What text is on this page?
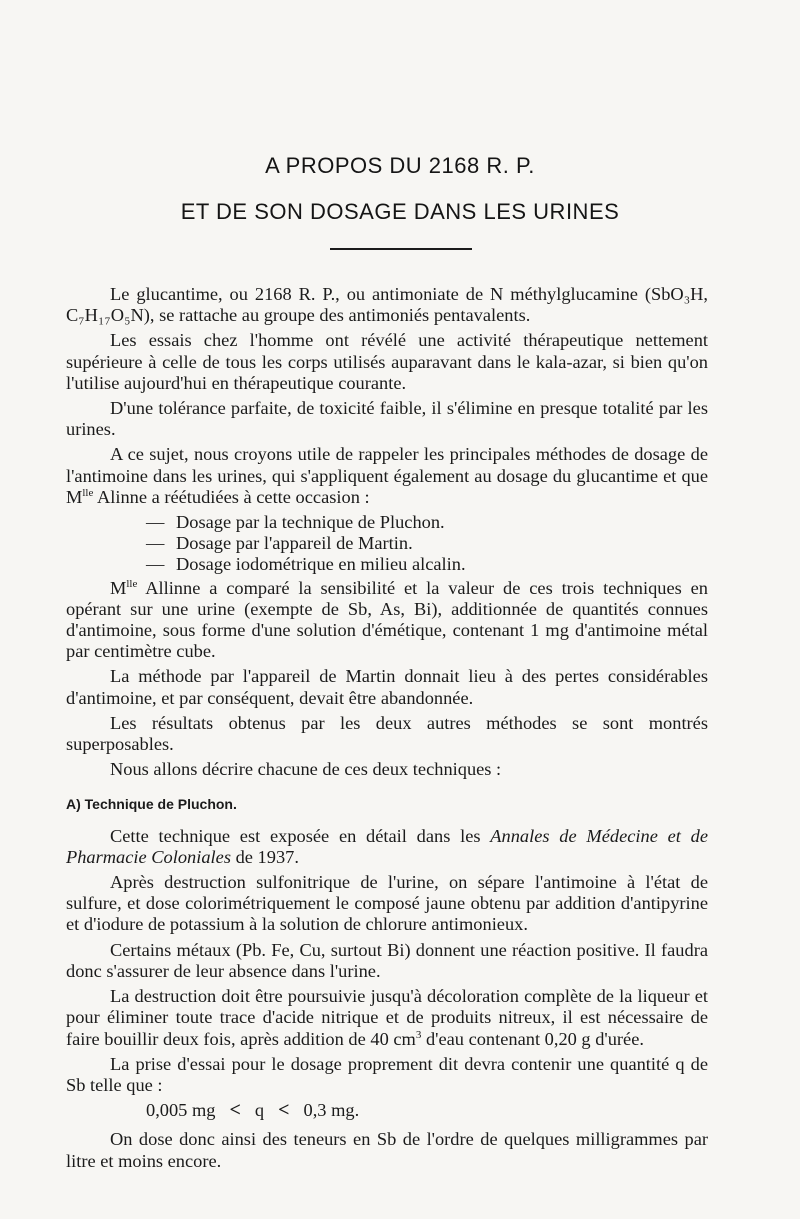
A PROPOS DU 2168 R. P.
ET DE SON DOSAGE DANS LES URINES

Le glucantime, ou 2168 R. P., ou antimoniate de N méthylglucamine (SbO₃H, C₇H₁₇O₅N), se rattache au groupe des antimoniés pentavalents.

Les essais chez l'homme ont révélé une activité thérapeutique nettement supérieure à celle de tous les corps utilisés auparavant dans le kala-azar, si bien qu'on l'utilise aujourd'hui en thérapeutique courante.

D'une tolérance parfaite, de toxicité faible, il s'élimine en presque totalité par les urines.

A ce sujet, nous croyons utile de rappeler les principales méthodes de dosage de l'antimoine dans les urines, qui s'appliquent également au dosage du glucantime et que $M^{lle}$ Alinne a réétudiées à cette occasion :

— Dosage par la technique de Pluchon.
— Dosage par l'appareil de Martin.
— Dosage iodométrique en milieu alcalin.

$M^{lle}$ Allinne a comparé la sensibilité et la valeur de ces trois techniques en opérant sur une urine (exempte de Sb, As, Bi), additionnée de quantités connues d'antimoine, sous forme d'une solution d'émétique, contenant 1 mg d'antimoine métal par centimètre cube.

La méthode par l'appareil de Martin donnait lieu à des pertes considérables d'antimoine, et par conséquent, devait être abandonnée.

Les résultats obtenus par les deux autres méthodes se sont montrés superposables.

Nous allons décrire chacune de ces deux techniques :

A) Technique de Pluchon.

Cette technique est exposée en détail dans les Annales de Médecine et de Pharmacie Coloniales de 1937.

Après destruction sulfonitrique de l'urine, on sépare l'antimoine à l'état de sulfure, et dose colorimétriquement le composé jaune obtenu par addition d'antipyrine et d'iodure de potassium à la solution de chlorure antimonieux.

Certains métaux (Pb. Fe, Cu, surtout Bi) donnent une réaction positive. Il faudra donc s'assurer de leur absence dans l'urine.

La destruction doit être poursuivie jusqu'à décoloration complète de la liqueur et pour éliminer toute trace d'acide nitrique et de produits nitreux, il est nécessaire de faire bouillir deux fois, après addition de 40 $cm^3$ d'eau contenant 0,20 g d'urée.

La prise d'essai pour le dosage proprement dit devra contenir une quantité q de Sb telle que :

0,005 mg < q < 0,3 mg.

On dose donc ainsi des teneurs en Sb de l'ordre de quelques milligrammes par litre et moins encore.
